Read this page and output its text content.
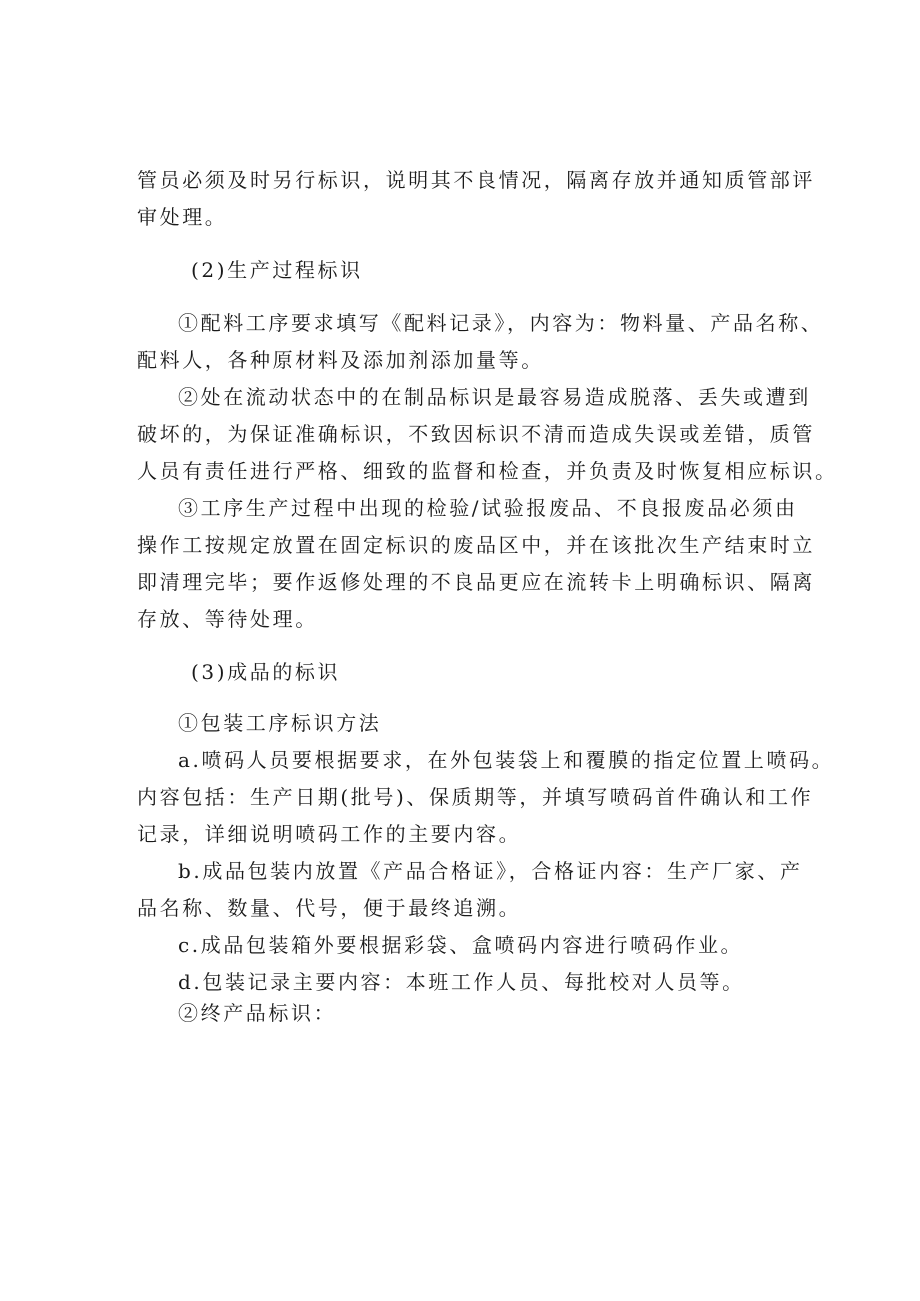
管员必须及时另行标识，说明其不良情况，隔离存放并通知质管部评
审处理。
(2)生产过程标识
①配料工序要求填写《配料记录》，内容为：物料量、产品名称、
配料人，各种原材料及添加剂添加量等。
②处在流动状态中的在制品标识是最容易造成脱落、丢失或遭到
破坏的，为保证准确标识，不致因标识不清而造成失误或差错，质管
人员有责任进行严格、细致的监督和检查，并负责及时恢复相应标识。
③工序生产过程中出现的检验/试验报废品、不良报废品必须由
操作工按规定放置在固定标识的废品区中，并在该批次生产结束时立
即清理完毕；要作返修处理的不良品更应在流转卡上明确标识、隔离
存放、等待处理。
(3)成品的标识
①包装工序标识方法
a.喷码人员要根据要求，在外包装袋上和覆膜的指定位置上喷码。
内容包括：生产日期(批号)、保质期等，并填写喷码首件确认和工作
记录，详细说明喷码工作的主要内容。
b.成品包装内放置《产品合格证》，合格证内容：生产厂家、产
品名称、数量、代号，便于最终追溯。
c.成品包装箱外要根据彩袋、盒喷码内容进行喷码作业。
d.包装记录主要内容：本班工作人员、每批校对人员等。
②终产品标识：
